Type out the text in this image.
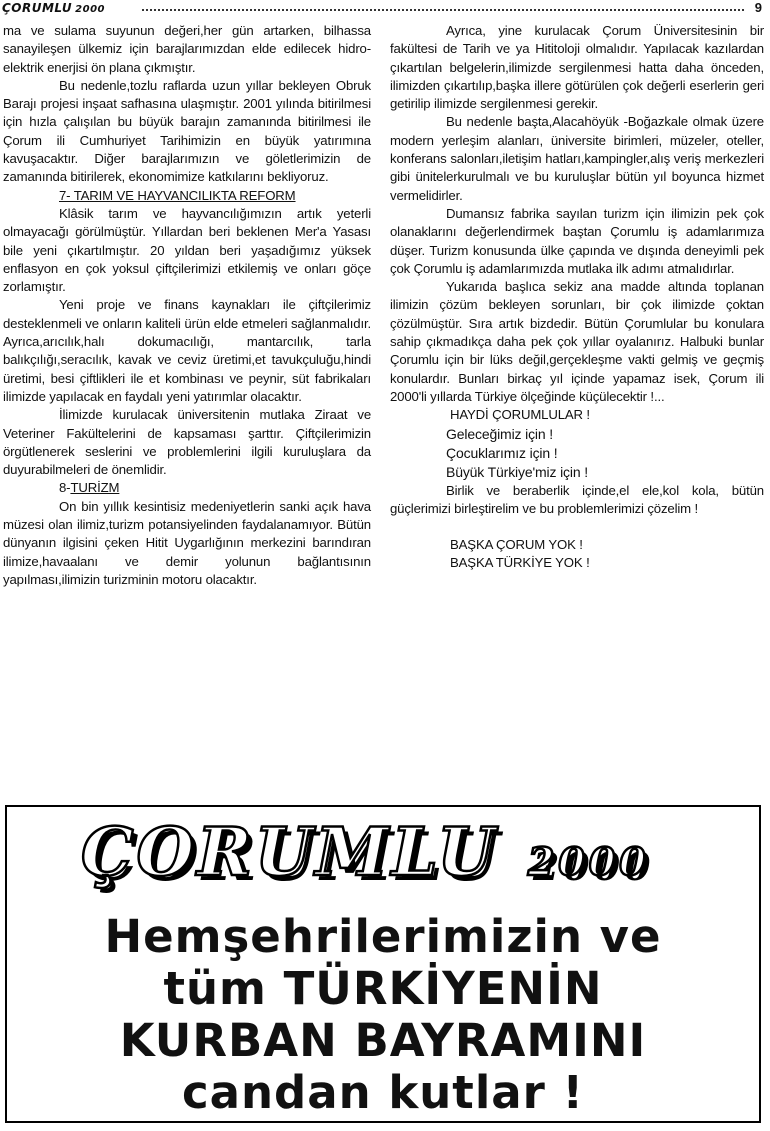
ÇORUMLU 2000	9

ma ve sulama suyunun değeri,her gün artarken, bilhassa sanayileşen ülkemiz için barajlarımızdan elde edilecek hidro-elektrik enerjisi ön plana çıkmıştır.

Bu nedenle,tozlu raflarda uzun yıllar bekleyen Obruk Barajı projesi inşaat safhasına ulaşmıştır. 2001 yılında bitirilmesi için hızla çalışılan bu büyük barajın zamanında bitirilmesi ile Çorum ili Cumhuriyet Tarihimizin en büyük yatırımına kavuşacaktır. Diğer barajlarımızın ve göletlerimizin de zamanında bitirilerek, ekonomimize katkılarını bekliyoruz.

7- TARIM VE HAYVANCILIKTA REFORM

Klâsik tarım ve hayvancılığımızın artık yeterli olmayacağı görülmüştür. Yıllardan beri beklenen Mer'a Yasası bile yeni çıkartılmıştır. 20 yıldan beri yaşadığımız yüksek enflasyon en çok yoksul çiftçilerimizi etkilemiş ve onları göçe zorlamıştır.

Yeni proje ve finans kaynakları ile çiftçilerimiz desteklenmeli ve onların kaliteli ürün elde etmeleri sağlanmalıdır. Ayrıca,arıcılık,halı dokumacılığı, mantarcılık, tarla balıkçılığı,seracılık, kavak ve ceviz üretimi,et tavukçuluğu,hindi üretimi, besi çiftlikleri ile et kombinası ve peynir, süt fabrikaları ilimizde yapılacak en faydalı yeni yatırımlar olacaktır.

İlimizde kurulacak üniversitenin mutlaka Ziraat ve Veteriner Fakültelerini de kapsaması şarttır. Çiftçilerimizin örgütlenerek seslerini ve problemlerini ilgili kuruluşlara da duyurabilmeleri de önemlidir.

8-TURİZM

On bin yıllık kesintisiz medeniyetlerin sanki açık hava müzesi olan ilimiz,turizm potansiyelinden faydalanamıyor. Bütün dünyanın ilgisini çeken Hitit Uygarlığının merkezini barındıran ilimize,havaalanı ve demir yolunun bağlantısının yapılması,ilimizin turizminin motoru olacaktır.

Ayrıca, yine kurulacak Çorum Üniversitesinin bir fakültesi de Tarih ve ya Hititoloji olmalıdır. Yapılacak kazılardan çıkartılan belgelerin,ilimizde sergilenmesi hatta daha önceden, ilimizden çıkartılıp,başka illere götürülen çok değerli eserlerin geri getirilip ilimizde sergilenmesi gerekir.

Bu nedenle başta,Alacahöyük -Boğazkale olmak üzere modern yerleşim alanları, üniversite birimleri, müzeler, oteller, konferans salonları,iletişim hatları,kampingler,alış veriş merkezleri gibi ünitelerkurulmalı ve bu kuruluşlar bütün yıl boyunca hizmet vermelidirler.

Dumansız fabrika sayılan turizm için ilimizin pek çok olanaklarını değerlendirmek baştan Çorumlu iş adamlarımıza düşer. Turizm konusunda ülke çapında ve dışında deneyimli pek çok Çorumlu iş adamlarımızda mutlaka ilk adımı atmalıdırlar.

Yukarıda başlıca sekiz ana madde altında toplanan ilimizin çözüm bekleyen sorunları, bir çok ilimizde çoktan çözülmüştür. Sıra artık bizdedir. Bütün Çorumlular bu konulara sahip çıkmadıkça daha pek çok yıllar oyalanırız. Halbuki bunlar Çorumlu için bir lüks değil,gerçekleşme vakti gelmiş ve geçmiş konulardır. Bunları birkaç yıl içinde yapamaz isek, Çorum ili 2000'li yıllarda Türkiye ölçeğinde küçülecektir !...

HAYDİ ÇORUMLULAR !

Geleceğimiz için !

Çocuklarımız için !

Büyük Türkiye'miz için !

Birlik ve beraberlik içinde,el ele,kol kola, bütün güçlerimizi birleştirelim ve bu problemlerimizi çözelim !

BAŞKA ÇORUM YOK !

BAŞKA TÜRKİYE YOK !

ÇORUMLU 2000
Hemşehrilerimizin ve
tüm TÜRKİYENİN
KURBAN BAYRAMINI
candan kutlar !
